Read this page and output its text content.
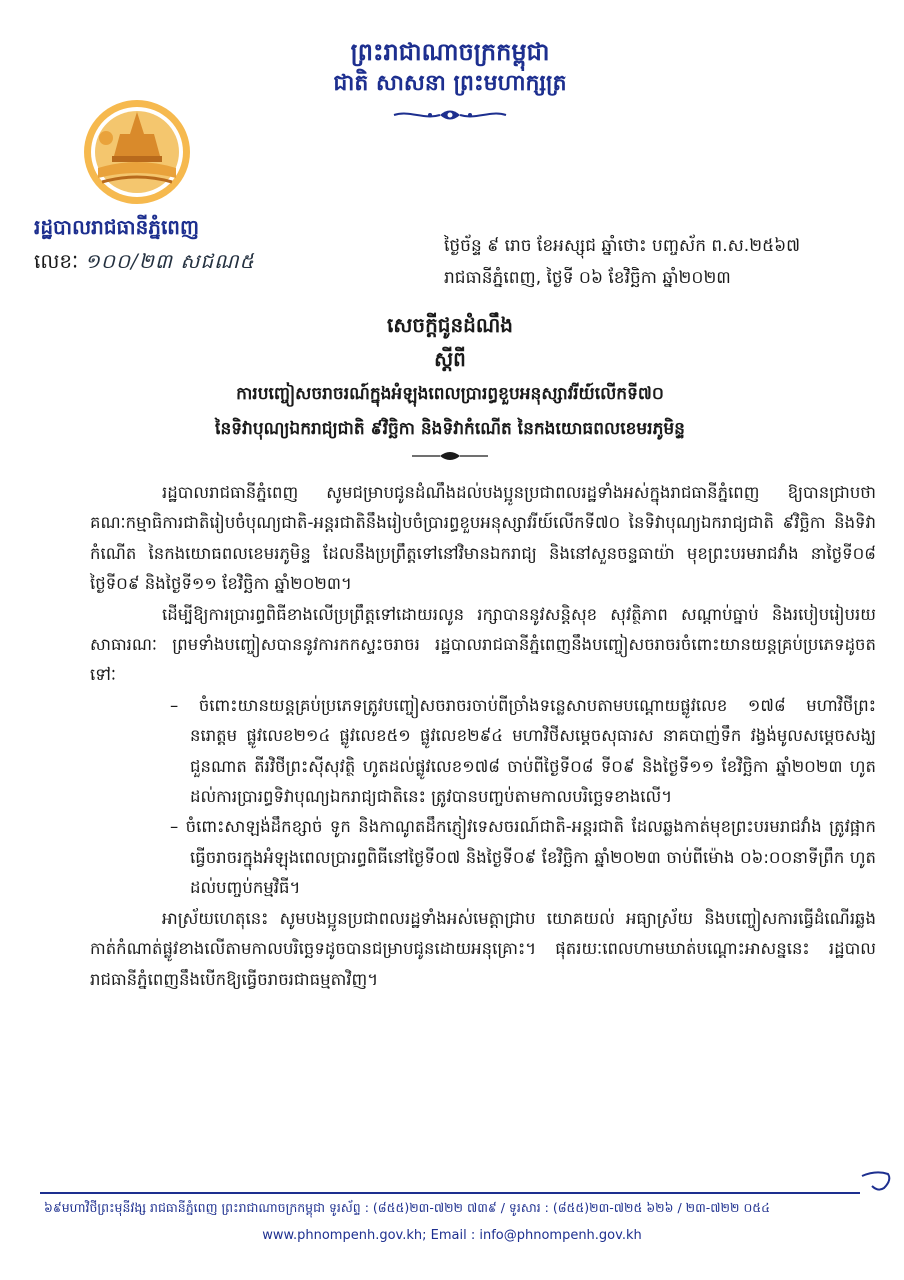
ព្រះរាជាណាចក្រកម្ពុជា
ជាតិ សាសនា ព្រះមហាក្សត្រ
រដ្ឋបាលរាជធានីភ្នំពេញ
លេខៈ ១០០/២៣ សជណ៥
ថ្ងៃច័ន្ទ ៩ រោច ខែអស្សុជ ឆ្នាំថោះ បញ្ចស័ក ព.ស.២៥៦៧
រាជធានីភ្នំពេញ, ថ្ងៃទី ០៦ ខែវិច្ឆិកា ឆ្នាំ២០២៣
សេចក្តីជូនដំណឹង
ស្តីពី
ការបញ្ចៀសចរាចរណ៍ក្នុងអំឡុងពេលប្រារព្ធខួបអនុស្សាវរីយ៍លើកទី៧០
នៃទិវាបុណ្យឯករាជ្យជាតិ ៩វិច្ឆិកា និងទិវាកំណើត នៃកងយោធពលខេមរភូមិន្ទ

រដ្ឋបាលរាជធានីភ្នំពេញ សូមជម្រាបជូនដំណឹងដល់បងប្អូនប្រជាពលរដ្ឋទាំងអស់ក្នុងរាជធានីភ្នំពេញ ឱ្យបានជ្រាបថា គណៈកម្មាធិការជាតិរៀបចំបុណ្យជាតិ-អន្តរជាតិនឹងរៀបចំប្រារព្ធខួបអនុស្សាវរីយ៍លើកទី៧០ នៃទិវាបុណ្យឯករាជ្យជាតិ ៩វិច្ឆិកា និងទិវាកំណើត នៃកងយោធពលខេមរភូមិន្ទ ដែលនឹងប្រព្រឹត្តទៅនៅវិមានឯករាជ្យ និងនៅសួនចន្ទធាយ៉ា មុខព្រះបរមរាជវាំង នាថ្ងៃទី០៨ ថ្ងៃទី០៩ និងថ្ងៃទី១១ ខែវិច្ឆិកា ឆ្នាំ២០២៣។

ដើម្បីឱ្យការប្រារព្ធពិធីខាងលើប្រព្រឹត្តទៅដោយរលូន រក្សាបាននូវសន្តិសុខ សុវត្ថិភាព សណ្តាប់ធ្នាប់ និងរបៀបរៀបរយសាធារណៈ ព្រមទាំងបញ្ចៀសបាននូវការកកស្ទះចរាចរ រដ្ឋបាលរាជធានីភ្នំពេញនឹងបញ្ចៀសចរាចរចំពោះយានយន្តគ្រប់ប្រភេទដូចតទៅៈ

– ចំពោះយានយន្តគ្រប់ប្រភេទត្រូវបញ្ចៀសចរាចរចាប់ពីច្រាំងទន្លេសាបតាមបណ្តោយផ្លូវលេខ ១៧៨ មហាវិថីព្រះនរោត្តម ផ្លូវលេខ២១៤ ផ្លូវលេខ៥១ ផ្លូវលេខ២៩៤ មហាវិថីសម្តេចសុធារស នាគបាញ់ទឹក វង្វង់មូលសម្តេចសង្ឃជួនណាត តីរវិថីព្រះស៊ីសុវត្ថិ ហូតដល់ផ្លូវលេខ១៧៨ ចាប់ពីថ្ងៃទី០៨ ទី០៩ និងថ្ងៃទី១១ ខែវិច្ឆិកា ឆ្នាំ២០២៣ ហូតដល់ការប្រារព្ធទិវាបុណ្យឯករាជ្យជាតិនេះ ត្រូវបានបញ្ចប់តាមកាលបរិច្ឆេទខាងលើ។

– ចំពោះសាឡង់ដឹកខ្សាច់ ទូក និងកាណូតដឹកភ្ញៀវទេសចរណ៍ជាតិ-អន្តរជាតិ ដែលឆ្លងកាត់មុខព្រះបរមរាជវាំង ត្រូវផ្អាកធ្វើចរាចរក្នុងអំឡុងពេលប្រារព្ធពិធីនៅថ្ងៃទី០៧ និងថ្ងៃទី០៩ ខែវិច្ឆិកា ឆ្នាំ២០២៣ ចាប់ពីម៉ោង ០៦:០០នាទីព្រឹក ហូតដល់បញ្ចប់កម្មវិធី។

អាស្រ័យហេតុនេះ សូមបងប្អូនប្រជាពលរដ្ឋទាំងអស់មេត្តាជ្រាប យោគយល់ អធ្យាស្រ័យ និងបញ្ចៀសការធ្វើដំណើរឆ្លងកាត់កំណាត់ផ្លូវខាងលើតាមកាលបរិច្ឆេទដូចបានជម្រាបជូនដោយអនុគ្រោះ។ ផុតរយៈពេលហាមឃាត់បណ្តោះអាសន្ននេះ រដ្ឋបាលរាជធានីភ្នំពេញនឹងបើកឱ្យធ្វើចរាចរជាធម្មតាវិញ។

៦៩មហាវិថីព្រះមុនីវង្ស រាជធានីភ្នំពេញ ព្រះរាជាណាចក្រកម្ពុជា ទូរស័ព្ទ : (៨៥៥)២៣-៧២២ ៧៣៩ / ទូរសារ : (៨៥៥)២៣-៧២៥ ៦២៦ / ២៣-៧២២ ០៥៤
www.phnompenh.gov.kh; Email : info@phnompenh.gov.kh
